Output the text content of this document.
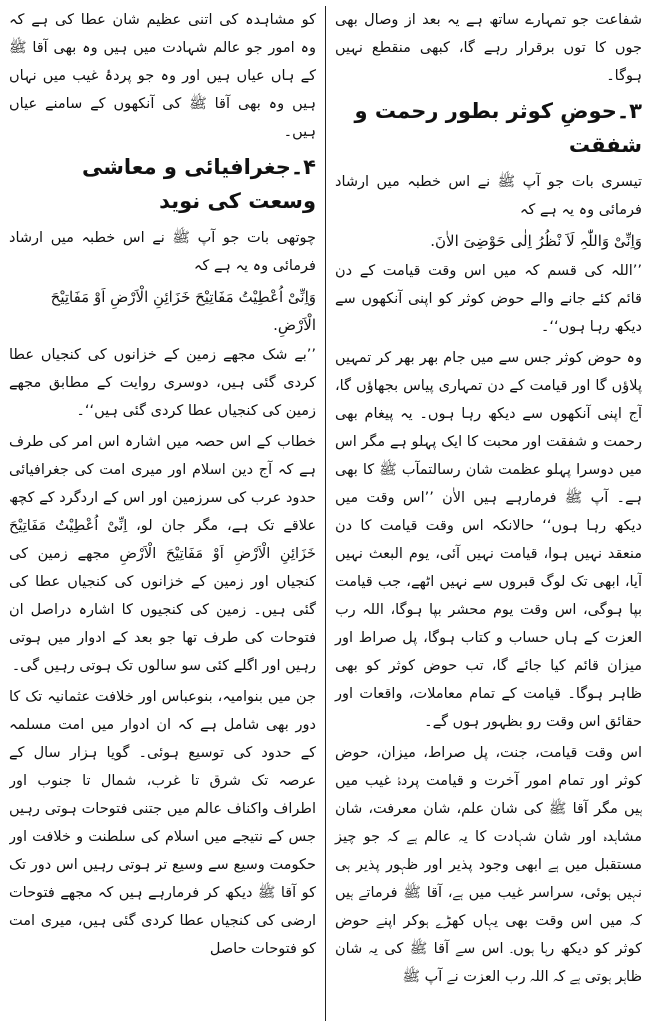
شفاعت جو تمہارے ساتھ ہے یہ بعد از وصال بھی جوں کا توں برقرار رہے گا، کبھی منقطع نہیں ہوگا۔

۳۔حوضِ کوثر بطور رحمت و شفقت

تیسری بات جو آپ ﷺ نے اس خطبہ میں ارشاد فرمائی وہ یہ ہے کہ

وَاِنِّیْ وَاللّٰہِ لَاَ نْظُرُ اِلٰی حَوْضِیَ الاٰنَ.

’’اللہ کی قسم کہ میں اس وقت قیامت کے دن قائم کئے جانے والے حوض کوثر کو اپنی آنکھوں سے دیکھ رہا ہوں‘‘۔

وہ حوض کوثر جس سے میں جام بھر بھر کر تمہیں پلاؤں گا اور قیامت کے دن تمہاری پیاس بجھاؤں گا، آج اپنی آنکھوں سے دیکھ رہا ہوں۔ یہ پیغام بھی رحمت و شفقت اور محبت کا ایک پہلو ہے مگر اس میں دوسرا پہلو عظمت شان رسالتمآب ﷺ کا بھی ہے۔ آپ ﷺ فرمارہے ہیں الاٰن ’’اس وقت میں دیکھ رہا ہوں‘‘ حالانکہ اس وقت قیامت کا دن منعقد نہیں ہوا، قیامت نہیں آئی، یوم البعث نہیں آیا، ابھی تک لوگ قبروں سے نہیں اٹھے، جب قیامت بپا ہوگی، اس وقت یوم محشر بپا ہوگا، اللہ رب العزت کے ہاں حساب و کتاب ہوگا، پل صراط اور میزان قائم کیا جائے گا، تب حوض کوثر کو بھی ظاہر ہوگا۔ قیامت کے تمام معاملات، واقعات اور حقائق اس وقت رو بظہور ہوں گے۔

اس وقت قیامت، جنت، پل صراط، میزان، حوض کوثر اور تمام امور آخرت و قیامت پردۂ غیب میں ہیں مگر آقا ﷺ کی شان علم، شان معرفت، شان مشاہدہ اور شان شہادت کا یہ عالم ہے کہ جو چیز مستقبل میں ہے ابھی وجود پذیر اور ظہور پذیر ہی نہیں ہوئی، سراسر غیب میں ہے، آقا ﷺ فرماتے ہیں کہ میں اس وقت بھی یہاں کھڑے ہوکر اپنے حوض کوثر کو دیکھ رہا ہوں۔ اس سے آقا ﷺ کی یہ شان ظاہر ہوتی ہے کہ اللہ رب العزت نے آپ ﷺ

کو مشاہدہ کی اتنی عظیم شان عطا کی ہے کہ وہ امور جو عالم شہادت میں ہیں وہ بھی آقا ﷺ کے ہاں عیاں ہیں اور وہ جو پردۂ غیب میں نہاں ہیں وہ بھی آقا ﷺ کی آنکھوں کے سامنے عیاں ہیں۔

۴۔جغرافیائی و معاشی وسعت کی نوید

چوتھی بات جو آپ ﷺ نے اس خطبہ میں ارشاد فرمائی وہ یہ ہے کہ

وَاِنِّیْ اُعْطِیْتُ مَفَاتِیْحَ خَزَائِنِ الْاَرْضِ اَوْ مَفَاتِیْحَ الْاَرْضِ.

’’بے شک مجھے زمین کے خزانوں کی کنجیاں عطا کردی گئی ہیں، دوسری روایت کے مطابق مجھے زمین کی کنجیاں عطا کردی گئی ہیں‘‘۔

خطاب کے اس حصہ میں اشارہ اس امر کی طرف ہے کہ آج دین اسلام اور میری امت کی جغرافیائی حدود عرب کی سرزمین اور اس کے اردگرد کے کچھ علاقے تک ہے، مگر جان لو، اِنِّیْ اُعْطِیْتُ مَفَاتِیْحَ خَزَائِنِ الْاَرْضِ اَوْ مَفَاتِیْحَ الْاَرْضِ مجھے زمین کی کنجیاں اور زمین کے خزانوں کی کنجیاں عطا کی گئی ہیں۔ زمین کی کنجیوں کا اشارہ دراصل ان فتوحات کی طرف تھا جو بعد کے ادوار میں ہوتی رہیں اور اگلے کئی سو سالوں تک ہوتی رہیں گی۔

جن میں بنوامیہ، بنوعباس اور خلافت عثمانیہ تک کا دور بھی شامل ہے کہ ان ادوار میں امت مسلمہ کے حدود کی توسیع ہوئی۔ گویا ہزار سال کے عرصہ تک شرق تا غرب، شمال تا جنوب اور اطراف واکناف عالم میں جتنی فتوحات ہوتی رہیں جس کے نتیجے میں اسلام کی سلطنت و خلافت اور حکومت وسیع سے وسیع تر ہوتی رہیں اس دور تک کو آقا ﷺ دیکھ کر فرمارہے ہیں کہ مجھے فتوحات ارضی کی کنجیاں عطا کردی گئی ہیں، میری امت کو فتوحات حاصل
